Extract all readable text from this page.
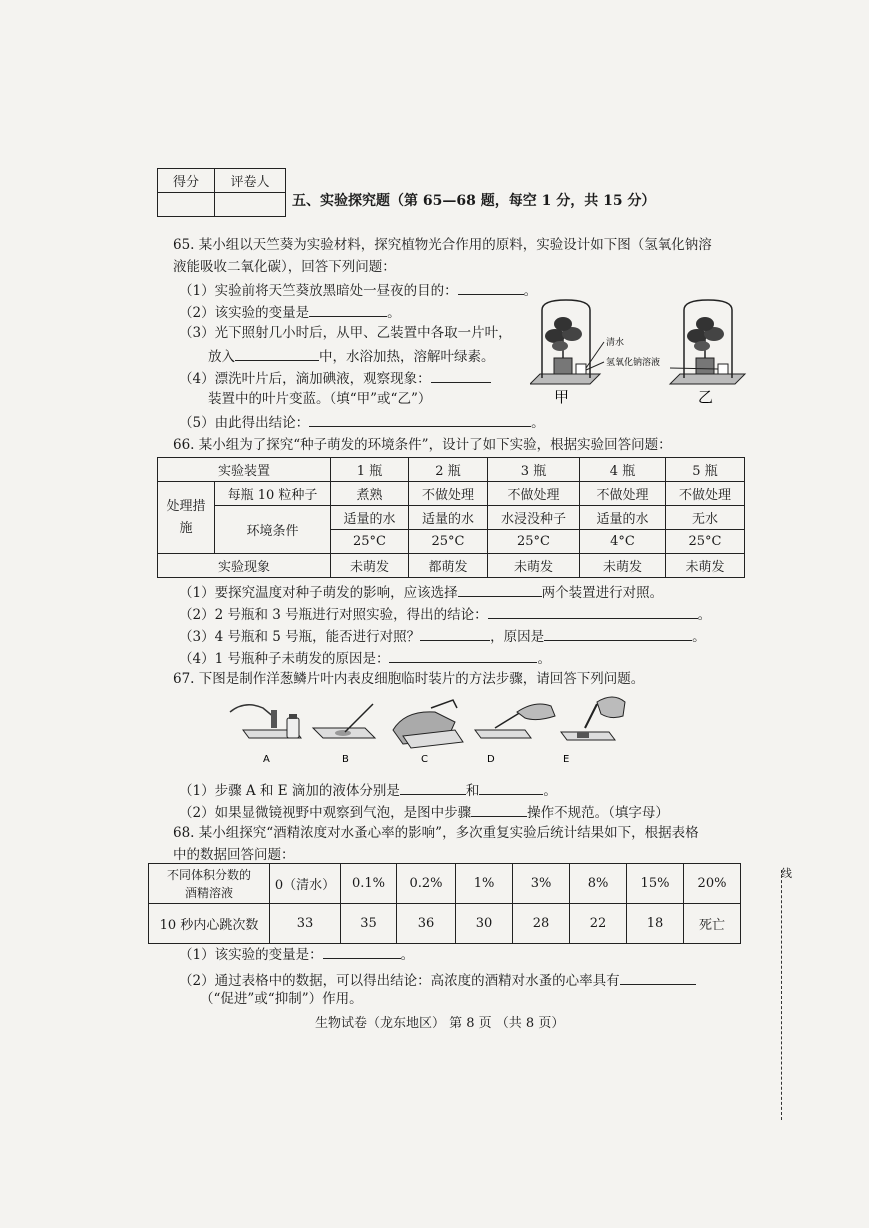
得分	评卷人

五、实验探究题（第 65—68 题，每空 1 分，共 15 分）
65. 某小组以天竺葵为实验材料，探究植物光合作用的原料，实验设计如下图（氢氧化钠溶
液能吸收二氧化碳），回答下列问题：
（1）实验前将天竺葵放黑暗处一昼夜的目的：	。
（2）该实验的变量是	。
（3）光下照射几小时后，从甲、乙装置中各取一片叶，
放入	中，水浴加热，溶解叶绿素。
（4）漂洗叶片后，滴加碘液，观察现象：
装置中的叶片变蓝。（填“甲”或“乙”）
（5）由此得出结论：	。
清水
氢氧化钠溶液
甲	乙
66. 某小组为了探究“种子萌发的环境条件”，设计了如下实验，根据实验回答问题：
实验装置		1 瓶	2 瓶	3 瓶	4 瓶	5 瓶
处理措施	每瓶 10 粒种子	煮熟	不做处理	不做处理	不做处理	不做处理
	环境条件	适量的水	适量的水	水浸没种子	适量的水	无水
		25°C	25°C	25°C	4°C	25°C
实验现象		未萌发	都萌发	未萌发	未萌发	未萌发
（1）要探究温度对种子萌发的影响，应该选择	两个装置进行对照。
（2）2 号瓶和 3 号瓶进行对照实验，得出的结论：	。
（3）4 号瓶和 5 号瓶，能否进行对照？	，原因是	。
（4）1 号瓶种子未萌发的原因是：	。
67. 下图是制作洋葱鳞片叶内表皮细胞临时装片的方法步骤，请回答下列问题。
A	B	C	D	E
（1）步骤 A 和 E 滴加的液体分别是	和	。
（2）如果显微镜视野中观察到气泡，是图中步骤	操作不规范。（填字母）
68. 某小组探究“酒精浓度对水蚤心率的影响”，多次重复实验后统计结果如下，根据表格
中的数据回答问题：
不同体积分数的
酒精溶液	0（清水）	0.1%	0.2%	1%	3%	8%	15%	20%
10 秒内心跳次数	33	35	36	30	28	22	18	死亡
（1）该实验的变量是：	。
（2）通过表格中的数据，可以得出结论：高浓度的酒精对水蚤的心率具有
（“促进”或“抑制”）作用。
生物试卷（龙东地区） 第 8 页 （共 8 页）
线
